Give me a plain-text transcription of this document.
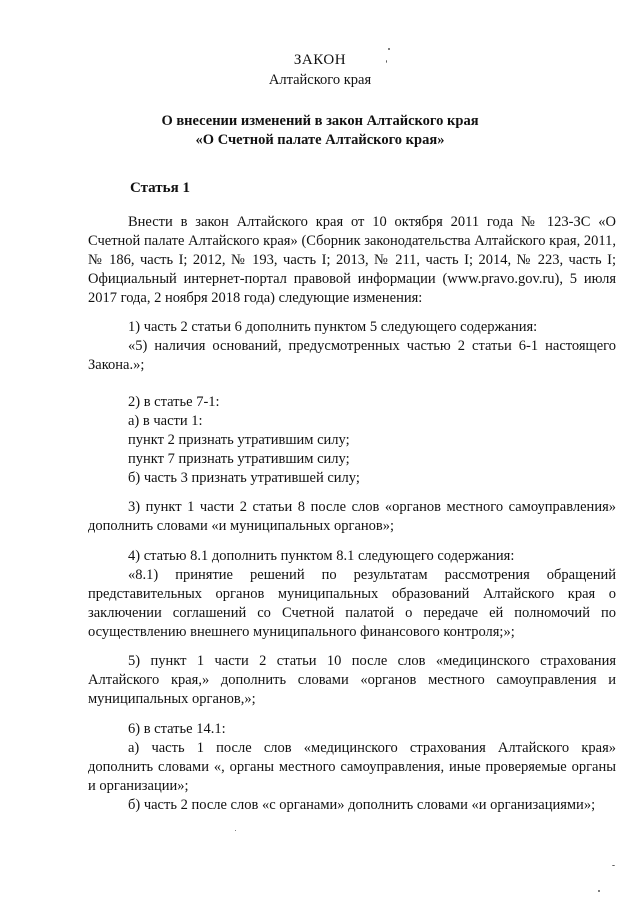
ЗАКОН
Алтайского края
О внесении изменений в закон Алтайского края
«О Счетной палате Алтайского края»
Статья 1

Внести в закон Алтайского края от 10 октября 2011 года № 123-ЗС «О Счетной палате Алтайского края» (Сборник законодательства Алтайского края, 2011, № 186, часть I; 2012, № 193, часть I; 2013, № 211, часть I; 2014, № 223, часть I; Официальный интернет-портал правовой информации (www.pravo.gov.ru), 5 июля 2017 года, 2 ноября 2018 года) следующие изменения:

1) часть 2 статьи 6 дополнить пунктом 5 следующего содержания:

«5) наличия оснований, предусмотренных частью 2 статьи 6-1 настоящего Закона.»;

2) в статье 7-1:
а) в части 1:
пункт 2 признать утратившим силу;
пункт 7 признать утратившим силу;
б) часть 3 признать утратившей силу;

3) пункт 1 части 2 статьи 8 после слов «органов местного самоуправления» дополнить словами «и муниципальных органов»;

4) статью 8.1 дополнить пунктом 8.1 следующего содержания:

«8.1) принятие решений по результатам рассмотрения обращений представительных органов муниципальных образований Алтайского края о заключении соглашений со Счетной палатой о передаче ей полномочий по осуществлению внешнего муниципального финансового контроля;»;

5) пункт 1 части 2 статьи 10 после слов «медицинского страхования Алтайского края,» дополнить словами «органов местного самоуправления и муниципальных органов,»;

6) в статье 14.1:

а) часть 1 после слов «медицинского страхования Алтайского края» дополнить словами «, органы местного самоуправления, иные проверяемые органы и организации»;

б) часть 2 после слов «с органами» дополнить словами «и организациями»;
